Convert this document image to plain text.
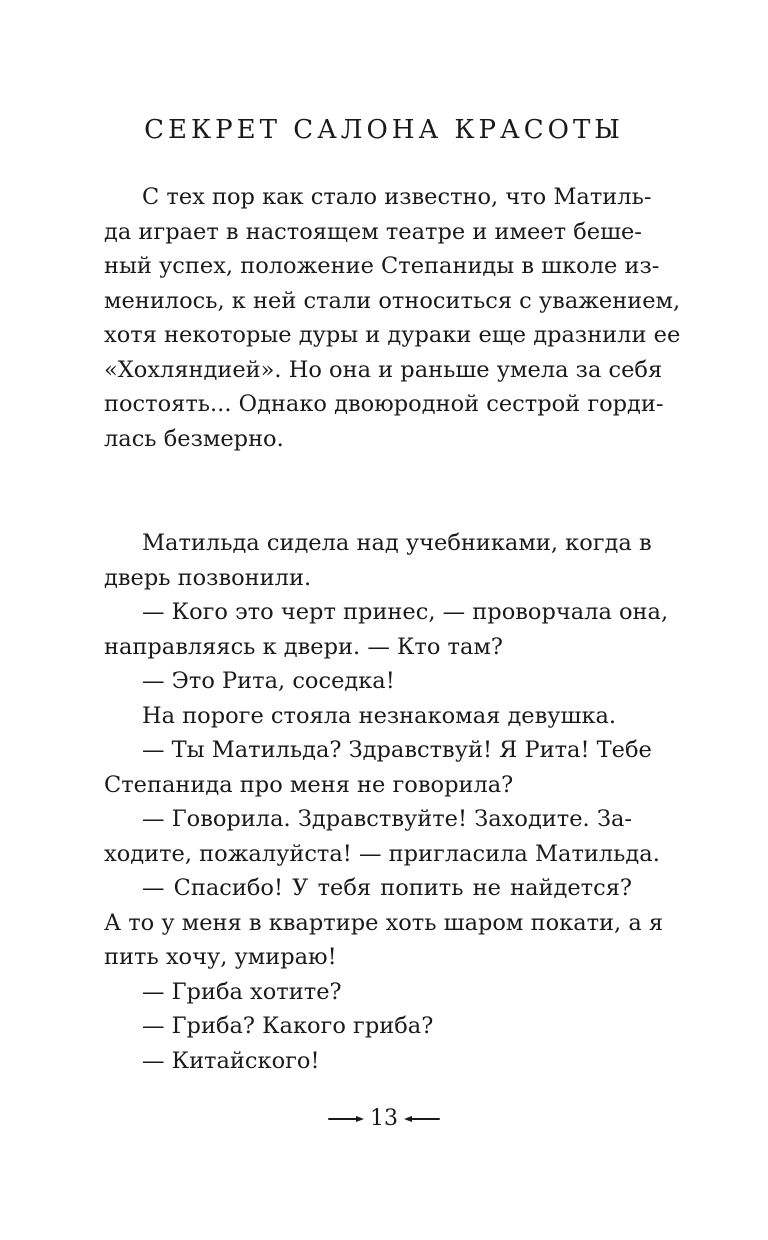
СЕКРЕТ САЛОНА КРАСОТЫ
С тех пор как стало известно, что Матиль-
да играет в настоящем театре и имеет беше-
ный успех, положение Степаниды в школе из-
менилось, к ней стали относиться с уважением,
хотя некоторые дуры и дураки еще дразнили ее
«Хохляндией». Но она и раньше умела за себя
постоять... Однако двоюродной сестрой горди-
лась безмерно.
Матильда сидела над учебниками, когда в
дверь позвонили.
— Кого это черт принес, — проворчала она,
направляясь к двери. — Кто там?
— Это Рита, соседка!
На пороге стояла незнакомая девушка.
— Ты Матильда? Здравствуй! Я Рита! Тебе
Степанида про меня не говорила?
— Говорила. Здравствуйте! Заходите. За-
ходите, пожалуйста! — пригласила Матильда.
— Спасибо! У тебя попить не найдется?
А то у меня в квартире хоть шаром покати, а я
пить хочу, умираю!
— Гриба хотите?
— Гриба? Какого гриба?
— Китайского!
13
